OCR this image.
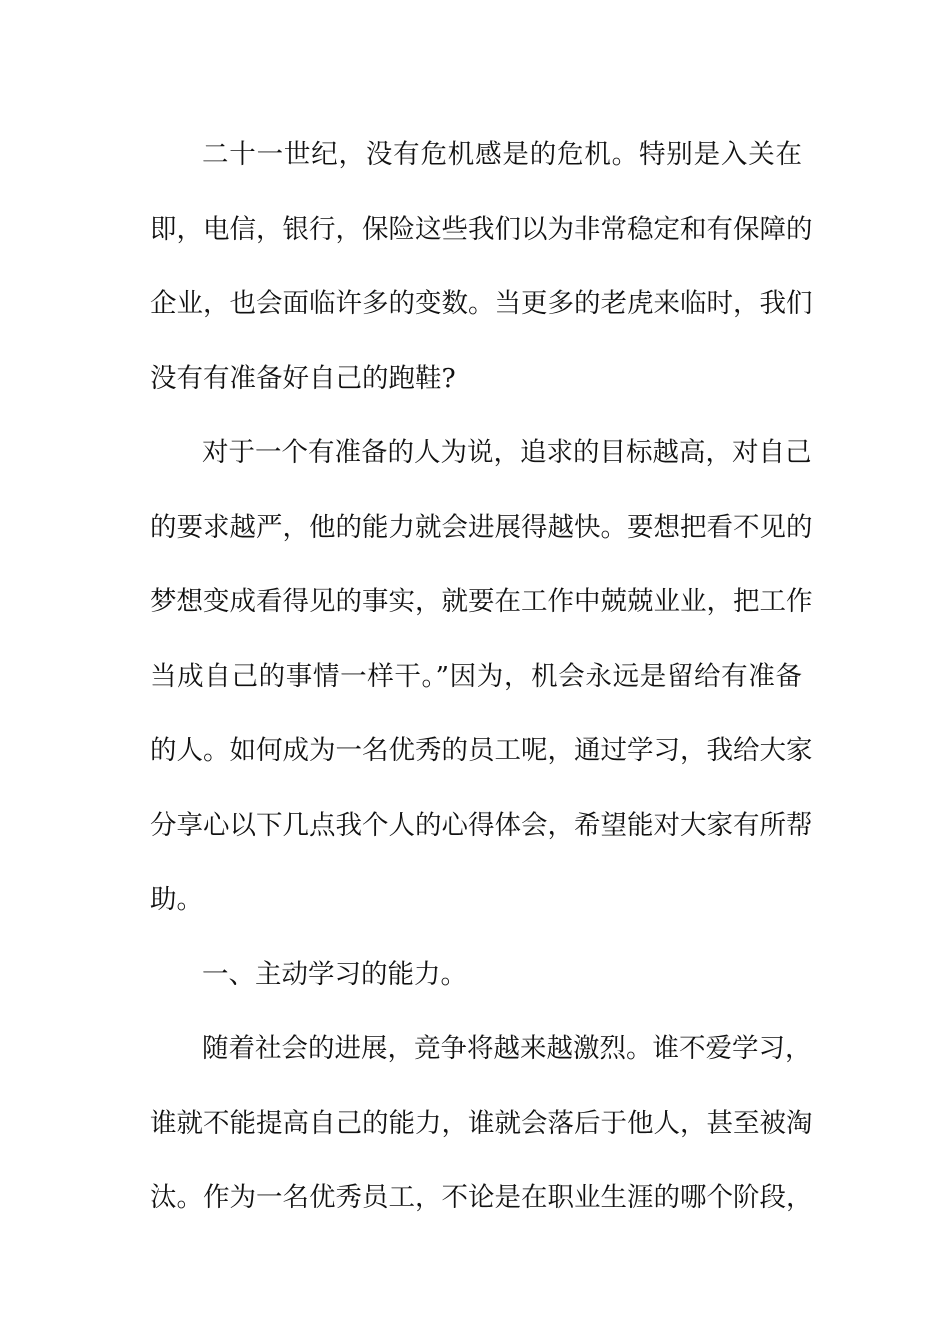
二十一世纪，没有危机感是的危机。特别是入关在
即，电信，银行，保险这些我们以为非常稳定和有保障的
企业，也会面临许多的变数。当更多的老虎来临时，我们
没有有准备好自己的跑鞋?
对于一个有准备的人为说，追求的目标越高，对自己
的要求越严，他的能力就会进展得越快。要想把看不见的
梦想变成看得见的事实，就要在工作中兢兢业业，把工作
当成自己的事情一样干。”因为，机会永远是留给有准备
的人。如何成为一名优秀的员工呢，通过学习，我给大家
分享心以下几点我个人的心得体会，希望能对大家有所帮
助。
一、主动学习的能力。
随着社会的进展，竞争将越来越激烈。谁不爱学习，
谁就不能提高自己的能力，谁就会落后于他人，甚至被淘
汰。作为一名优秀员工，不论是在职业生涯的哪个阶段，
